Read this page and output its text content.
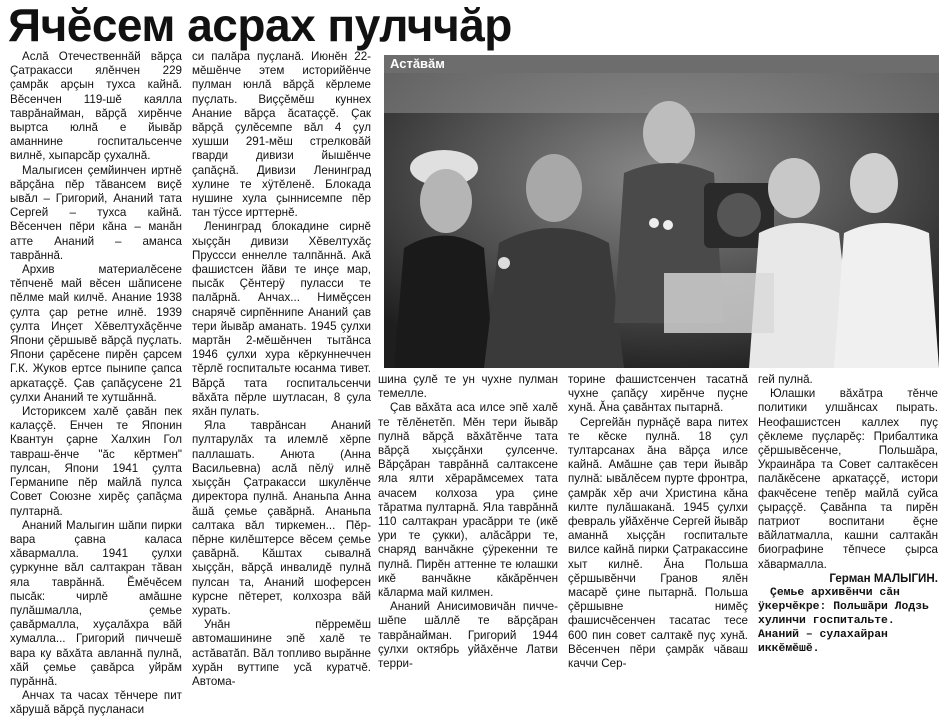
Ячĕсем асрах пулччăр

Аслă Отечественнăй вăрçа Çатракасси ялĕнчен 229 çамрăк арçын тухса кайнă. Вĕсенчен 119-шĕ каялла таврăнайман, вăрçă хирĕнче выртса юлнă е йывăр аманнине госпитальсенче вилнĕ, хыпарсăр çухалнă.

Малыгисен çемйинчен иртнĕ вăрçăна пĕр тăвансем виçĕ ывăл – Григорий, Ананий тата Сергей – тухса кайнă. Вĕсенчен пĕри кăна – манăн атте Ананий – аманса таврăннă.

Архив материалĕсене тĕпченĕ май вĕсен шăписене пĕлме май килчĕ. Анание 1938 çулта çар ретне илнĕ. 1939 çулта Инçет Хĕвелтухăçĕнче Япони çĕршывĕ вăрçă пуçлать. Япони çарĕсене пирĕн çарсем Г.К. Жуков ертсе пынипе çапса аркатаççĕ. Çав çапăçусене 21 çулхи Ананий те хутшăннă.

Историксем халĕ çавăн пек калаççĕ. Енчен те Японин Квантун çарне Халхин Гол тавраш-ĕнче "ăс кĕртмен" пулсан, Япони 1941 çулта Германипе пĕр майлă пулса Совет Союзне хирĕç çапăçма пултарнă.

Ананий Малыгин шăпи пирки вара çавна каласа хăвармалла. 1941 çулхи çуркунне вăл салтакран тăван яла таврăннă. Ĕмĕчĕсем пысăк: чирлĕ амăшне пулăшмалла, çемье çавăрмалла, хуçалăхра вăй хумалла... Григорий пиччешĕ вара ку вăхăта авланнă пулнă, хăй çемье çавăрса уйрăм пурăннă.

Анчах та часах тĕнчере пит хăрушă вăрçă пуçланаси

си палăра пуçланă. Июнĕн 22-мĕшĕнче этем историйĕнче пулман юнлă вăрçă кĕрлеме пуçлать. Виççĕмĕш куннех Анание вăрçа ăсатаççĕ. Çак вăрçă çулĕсемпе вăл 4 çул хушши 291-мĕш стрелковăй гварди дивизи йышĕнче çапăçнă. Дивизи Ленинград хулине те хÿтĕленĕ. Блокада нушине хула çыннисемпе пĕр тан тÿссе ирттернĕ.

Ленинград блокадине сирнĕ хыççăн дивизи Хĕвелтухăç Пруссси еннелле талпăннă. Акă фашистсен йăви те инçе мар, пысăк Çĕнтерÿ пуласси те палăрнă. Анчах... Нимĕçсен снарячĕ сирпĕннипе Ананий çав тери йывăр аманать. 1945 çулхи мартăн 2-мĕшĕнчен тытăнса 1946 çулхи хура кĕркуннеччен тĕрлĕ госпитальте юсанма тивет. Вăрçă тата госпитальсенчи вăхăта пĕрле шутласан, 8 çула яхăн пулать.

Яла таврăнсан Ананий пултарулăх та илемлĕ хĕрпе паллашать. Анюта (Анна Васильевна) аслă пĕлÿ илнĕ хыççăн Çатракасси шкулĕнче директора пулнă. Ананьпа Анна ăшă çемье çавăрнă. Ананьпа салтака вăл тиркемен... Пĕр-пĕрне килĕштерсе вĕсем çемье çавăрнă. Кăштах сывалнă хыççăн, вăрçă инвалидĕ пулнă пулсан та, Ананий шоферсен курсне пĕтерет, колхозра вăй хурать.

Унăн пĕрремĕш автомашинине эпĕ халĕ те астăватăп. Вăл топливо вырăнне хурăн вуттипе усă куратчĕ. Автома-

Астăвăм

шина çулĕ те ун чухне пулман темелле.

Çав вăхăта аса илсе эпĕ халĕ те тĕлĕнетĕп. Мĕн тери йывăр пулнă вăрçă вăхăтĕнче тата вăрçă хыççăнхи çулсенче. Вăрçăран таврăннă салтаксене яла ялти хĕрарăмсемех тата ачасем колхоза ура çине тăратма пултарнă. Яла таврăннă 110 салтакран урасăрри те (икĕ ури те çукки), алăсăрри те, снаряд ванчăкне çÿрекенни те пулнă. Пирĕн аттенне те юлашки икĕ ванчăкне кăкăрĕнчен кăларма май килмен.

Ананий Анисимовичăн пиччешĕпе шăллĕ те вăрçăран таврăнайман. Григорий 1944 çулхи октябрь уйăхĕнче Латви терри-

торине фашистсенчен тасатнă чухне çапăçу хирĕнче пуçне хунă. Ăна çавăнтах пытарнă.

Сергейăн пурнăçĕ вара питех те кĕске пулнă. 18 çул тултарсанах ăна вăрçа илсе кайнă. Амăшне çав тери йывăр пулнă: ывăлĕсем пурте фронтра, çамрăк хĕр ачи Христина кăна килте пулăшаканă. 1945 çулхи февраль уйăхĕнче Сергей йывăр аманнă хыççăн госпитальте вилсе кайнă пирки Çатракассине хыт килнĕ. Ăна Польша çĕршывĕнчи Гранов ялĕн масарĕ çине пытарнă. Польша çĕршывне нимĕç фашисчĕсенчен тасатас тесе 600 пин совет салтакĕ пуç хунă. Вĕсенчен пĕри çамрăк чăваш каччи Сер-

гей пулнă.

Юлашки вăхăтра тĕнче политики улшăнсах пырать. Неофашистсен каллех пуç çĕклеме пуçларĕç: Прибалтика çĕршывĕсенче, Польшăра, Украинăра та Совет салтакĕсен палăкĕсене аркатаççĕ, истори факчĕсене тепĕр майлă суйса çыраççĕ. Çавăнпа та пирĕн патриот воспитани ĕçне вăйлатмалла, кашни салтакăн биографине тĕпчесе çырса хăвармалла.

Герман МАЛЫГИН.

Çемье архивĕнчи сăн ÿкерчĕкре: Польшăри Лодзь хулинчи госпитальте. Ананий – сулахайран иккĕмĕшĕ.
